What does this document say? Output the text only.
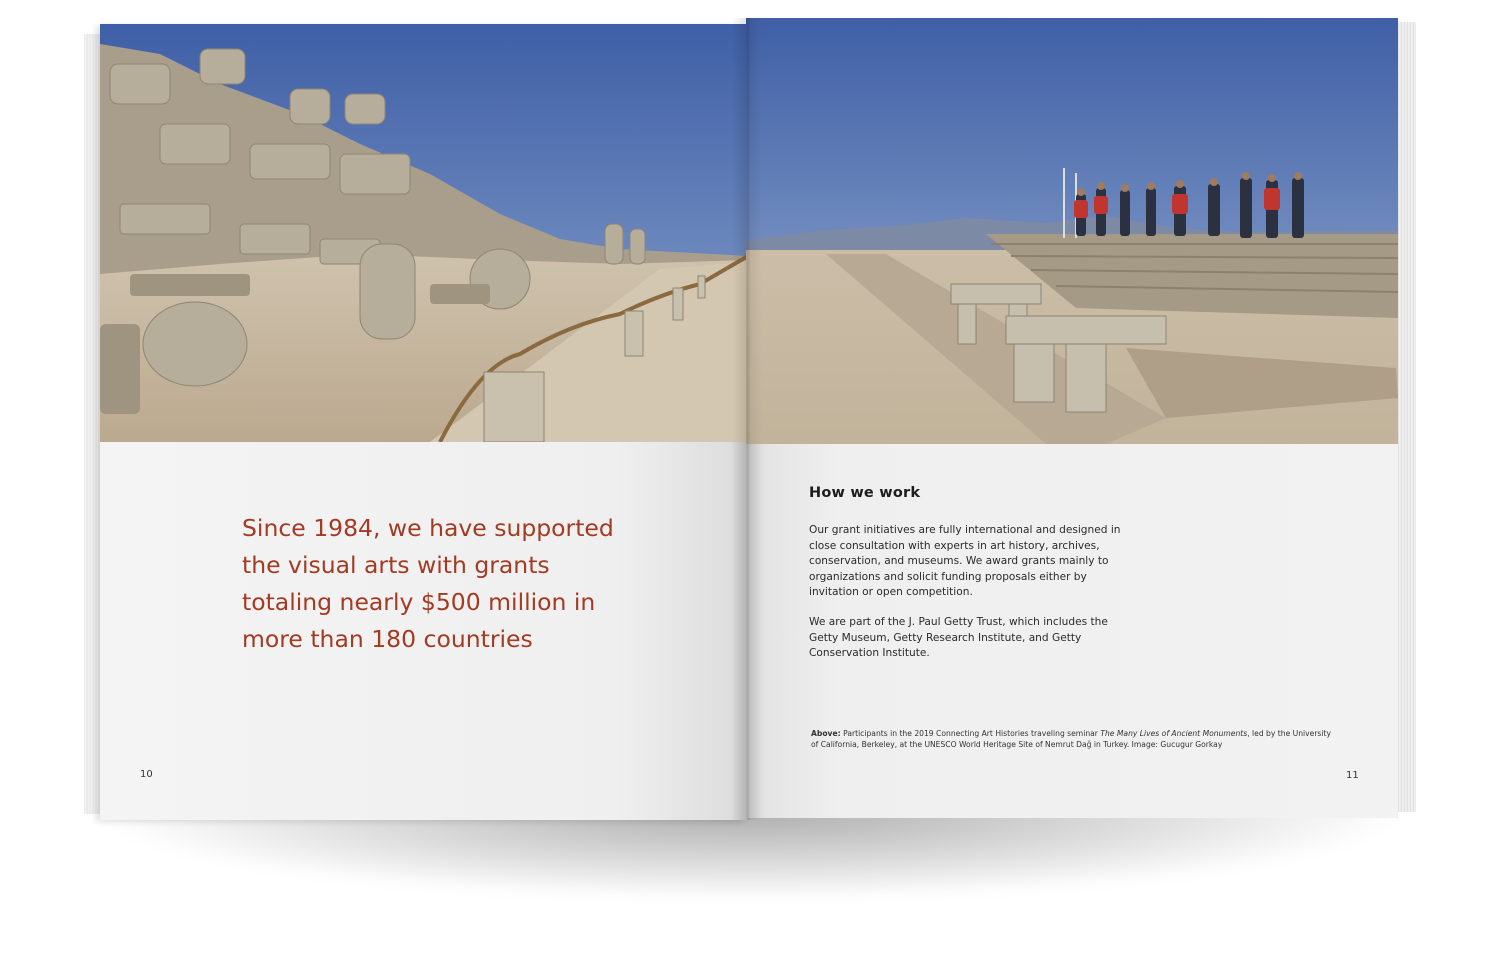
Since 1984, we have supported the visual arts with grants totaling nearly $500 million in more than 180 countries
10
How we work
Our grant initiatives are fully international and designed in close consultation with experts in art history, archives, conservation, and museums. We award grants mainly to organizations and solicit funding proposals either by invitation or open competition.
We are part of the J. Paul Getty Trust, which includes the Getty Museum, Getty Research Institute, and Getty Conservation Institute.
Above: Participants in the 2019 Connecting Art Histories traveling seminar The Many Lives of Ancient Monuments, led by the University of California, Berkeley, at the UNESCO World Heritage Site of Nemrut Dağ in Turkey. Image: Gucugur Gorkay
11
